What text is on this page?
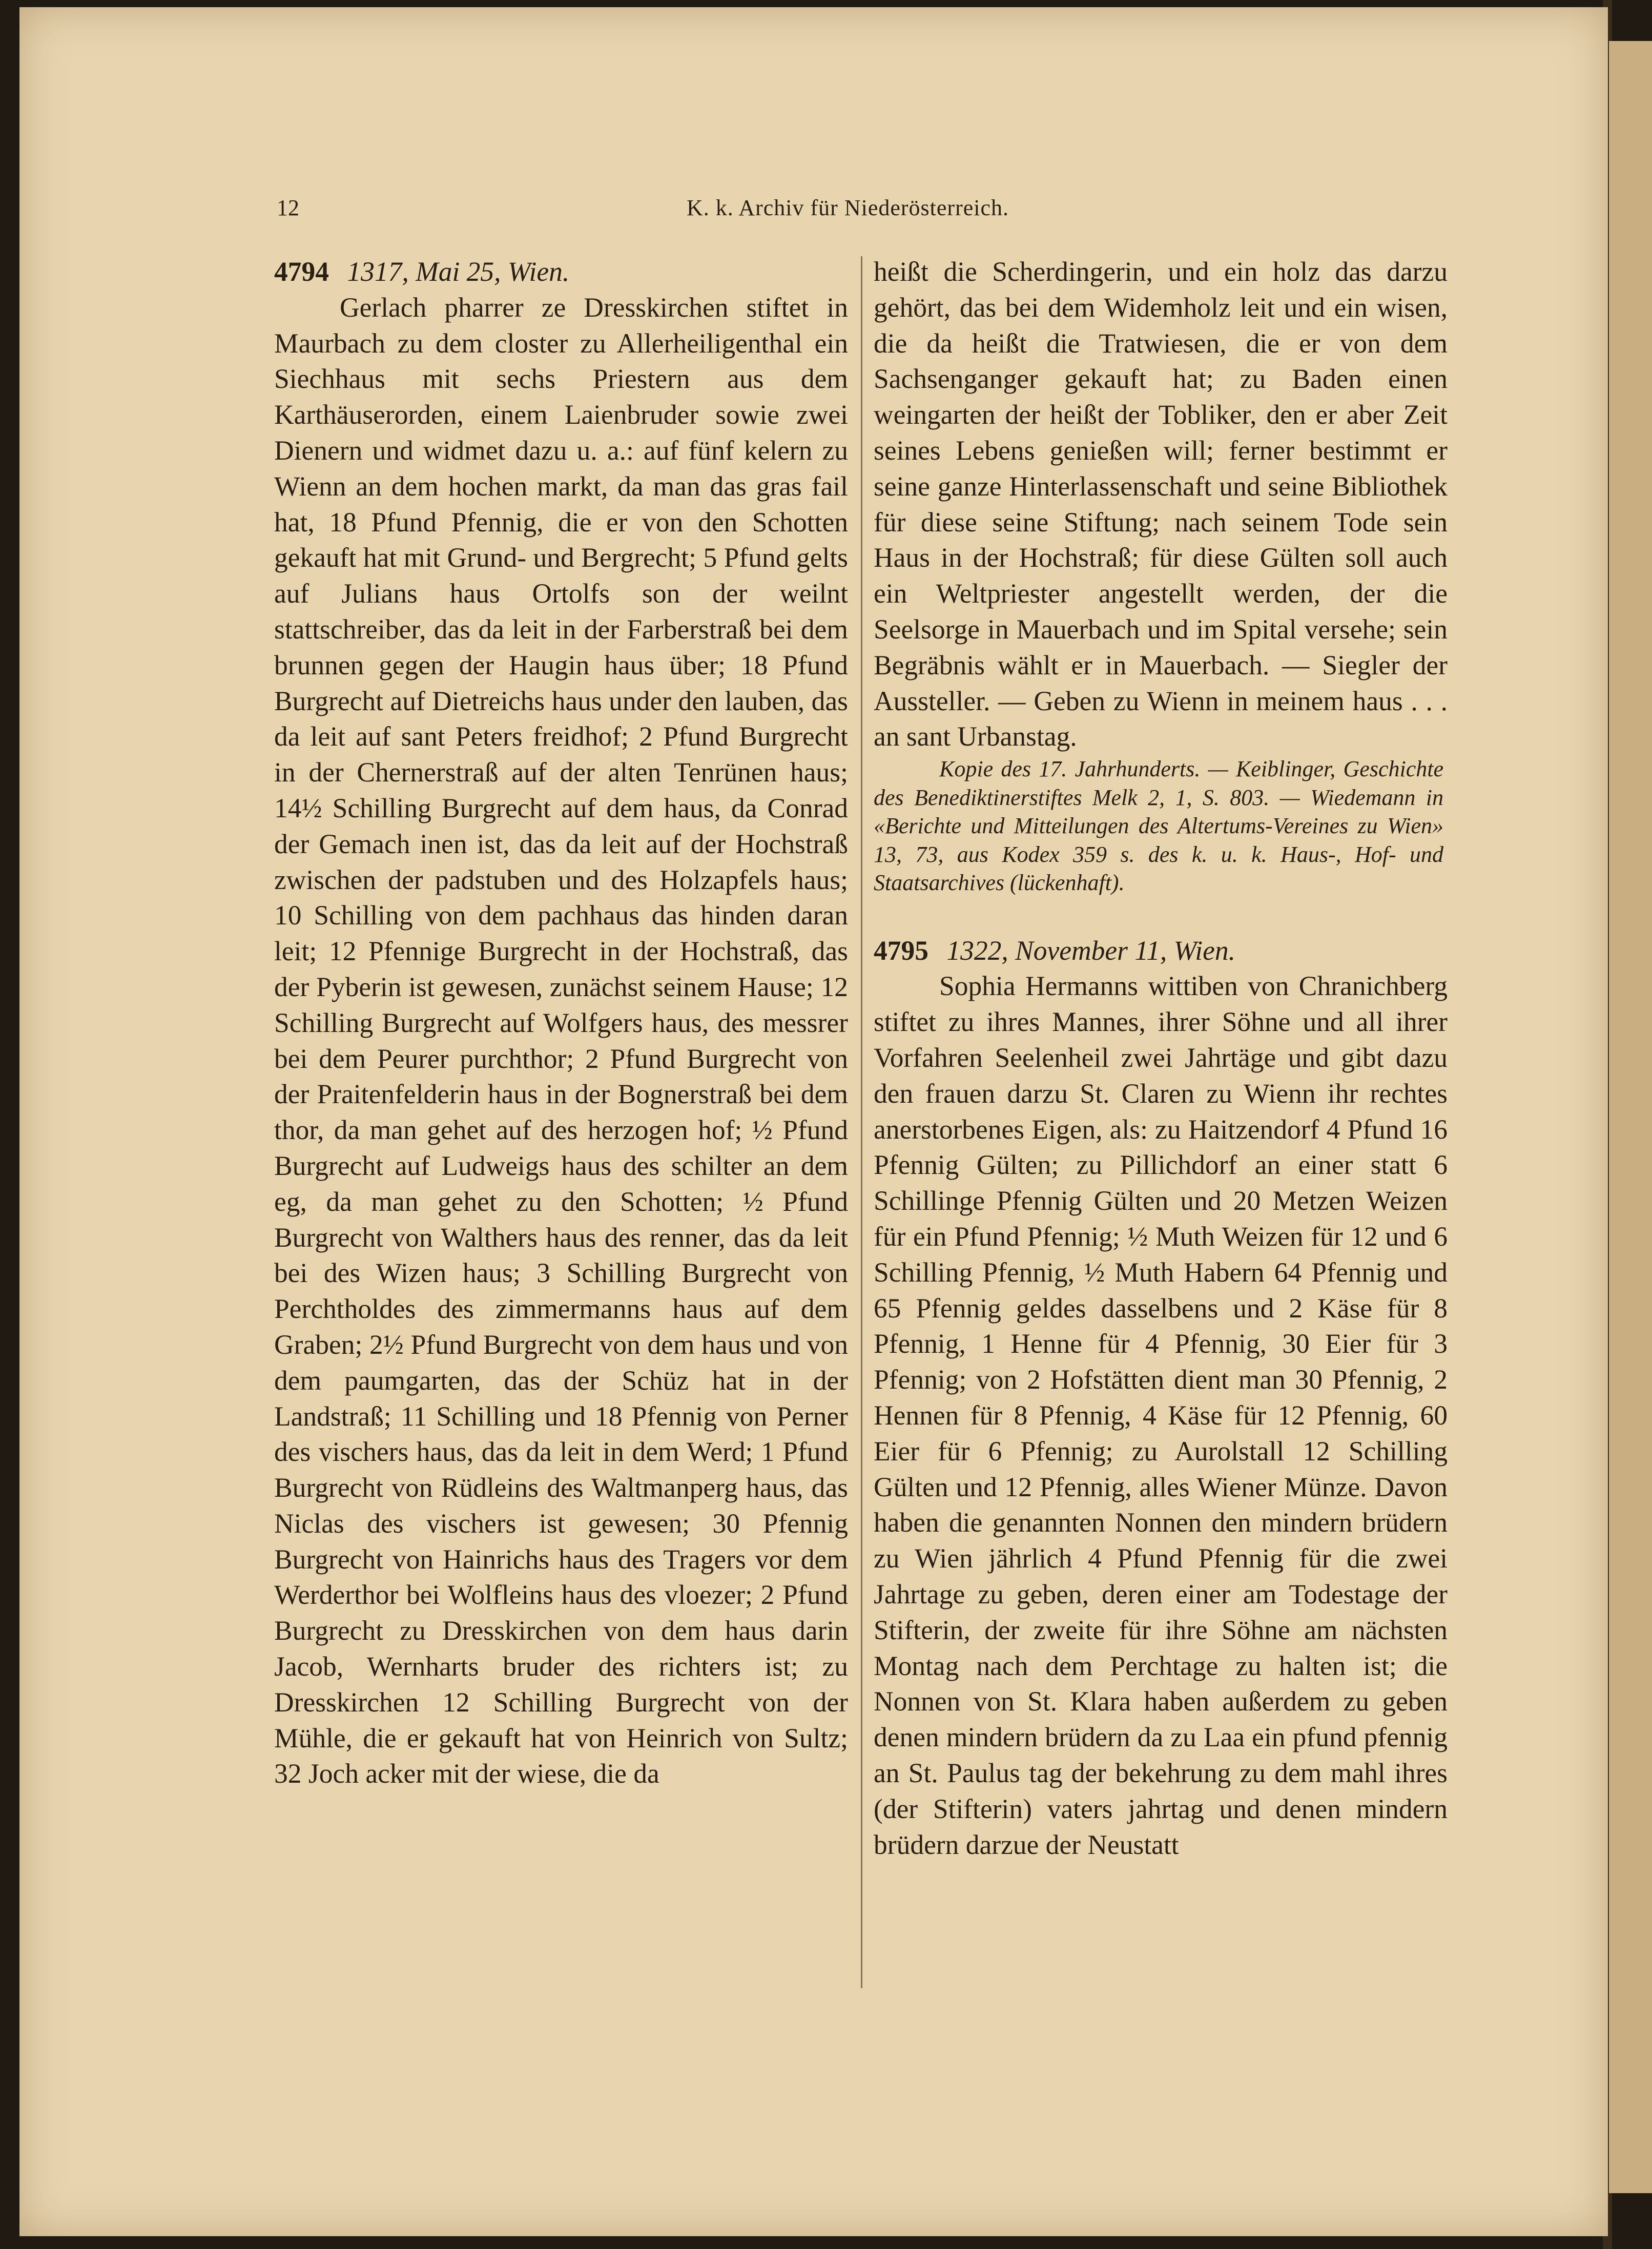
12	K. k. Archiv für Niederösterreich.
4794 1317, Mai 25, Wien.

Gerlach pharrer ze Dresskirchen stiftet in Maurbach zu dem closter zu Allerheiligenthal ein Siechhaus mit sechs Priestern aus dem Karthäuserorden, einem Laienbruder sowie zwei Dienern und widmet dazu u. a.: auf fünf kelern zu Wienn an dem hochen markt, da man das gras fail hat, 18 Pfund Pfennig, die er von den Schotten gekauft hat mit Grund- und Bergrecht; 5 Pfund gelts auf Julians haus Ortolfs son der weilnt stattschreiber, das da leit in der Farberstraß bei dem brunnen gegen der Haugin haus über; 18 Pfund Burgrecht auf Dietreichs haus under den lauben, das da leit auf sant Peters freidhof; 2 Pfund Burgrecht in der Chernerstraß auf der alten Tenrünen haus; 14½ Schilling Burgrecht auf dem haus, da Conrad der Gemach inen ist, das da leit auf der Hochstraß zwischen der padstuben und des Holzapfels haus; 10 Schilling von dem pachhaus das hinden daran leit; 12 Pfennige Burgrecht in der Hochstraß, das der Pyberin ist gewesen, zunächst seinem Hause; 12 Schilling Burgrecht auf Wolfgers haus, des messrer bei dem Peurer purchthor; 2 Pfund Burgrecht von der Praitenfelderin haus in der Bognerstraß bei dem thor, da man gehet auf des herzogen hof; ½ Pfund Burgrecht auf Ludweigs haus des schilter an dem eg, da man gehet zu den Schotten; ½ Pfund Burgrecht von Walthers haus des renner, das da leit bei des Wizen haus; 3 Schilling Burgrecht von Perchtholdes des zimmermanns haus auf dem Graben; 2½ Pfund Burgrecht von dem haus und von dem paumgarten, das der Schüz hat in der Landstraß; 11 Schilling und 18 Pfennig von Perner des vischers haus, das da leit in dem Werd; 1 Pfund Burgrecht von Rüdleins des Waltmanperg haus, das Niclas des vischers ist gewesen; 30 Pfennig Burgrecht von Hainrichs haus des Tragers vor dem Werderthor bei Wolfleins haus des vloezer; 2 Pfund Burgrecht zu Dresskirchen von dem haus darin Jacob, Wernharts bruder des richters ist; zu Dresskirchen 12 Schilling Burgrecht von der Mühle, die er gekauft hat von Heinrich von Sultz; 32 Joch acker mit der wiese, die da

heißt die Scherdingerin, und ein holz das darzu gehört, das bei dem Widemholz leit und ein wisen, die da heißt die Tratwiesen, die er von dem Sachsenganger gekauft hat; zu Baden einen weingarten der heißt der Tobliker, den er aber Zeit seines Lebens genießen will; ferner bestimmt er seine ganze Hinterlassenschaft und seine Bibliothek für diese seine Stiftung; nach seinem Tode sein Haus in der Hochstraß; für diese Gülten soll auch ein Weltpriester angestellt werden, der die Seelsorge in Mauerbach und im Spital versehe; sein Begräbnis wählt er in Mauerbach. — Siegler der Aussteller. — Geben zu Wienn in meinem haus . . . an sant Urbanstag.

Kopie des 17. Jahrhunderts. — Keiblinger, Geschichte des Benediktinerstiftes Melk 2, 1, S. 803. — Wiedemann in «Berichte und Mitteilungen des Altertums-Vereines zu Wien» 13, 73, aus Kodex 359 s. des k. u. k. Haus-, Hof- und Staatsarchives (lückenhaft).

4795 1322, November 11, Wien.

Sophia Hermanns wittiben von Chranichberg stiftet zu ihres Mannes, ihrer Söhne und all ihrer Vorfahren Seelenheil zwei Jahrtäge und gibt dazu den frauen darzu St. Claren zu Wienn ihr rechtes anerstorbenes Eigen, als: zu Haitzendorf 4 Pfund 16 Pfennig Gülten; zu Pillichdorf an einer statt 6 Schillinge Pfennig Gülten und 20 Metzen Weizen für ein Pfund Pfennig; ½ Muth Weizen für 12 und 6 Schilling Pfennig, ½ Muth Habern 64 Pfennig und 65 Pfennig geldes dasselbens und 2 Käse für 8 Pfennig, 1 Henne für 4 Pfennig, 30 Eier für 3 Pfennig; von 2 Hofstätten dient man 30 Pfennig, 2 Hennen für 8 Pfennig, 4 Käse für 12 Pfennig, 60 Eier für 6 Pfennig; zu Aurolstall 12 Schilling Gülten und 12 Pfennig, alles Wiener Münze. Davon haben die genannten Nonnen den mindern brüdern zu Wien jährlich 4 Pfund Pfennig für die zwei Jahrtage zu geben, deren einer am Todestage der Stifterin, der zweite für ihre Söhne am nächsten Montag nach dem Perchtage zu halten ist; die Nonnen von St. Klara haben außerdem zu geben denen mindern brüdern da zu Laa ein pfund pfennig an St. Paulus tag der bekehrung zu dem mahl ihres (der Stifterin) vaters jahrtag und denen mindern brüdern darzue der Neustatt
